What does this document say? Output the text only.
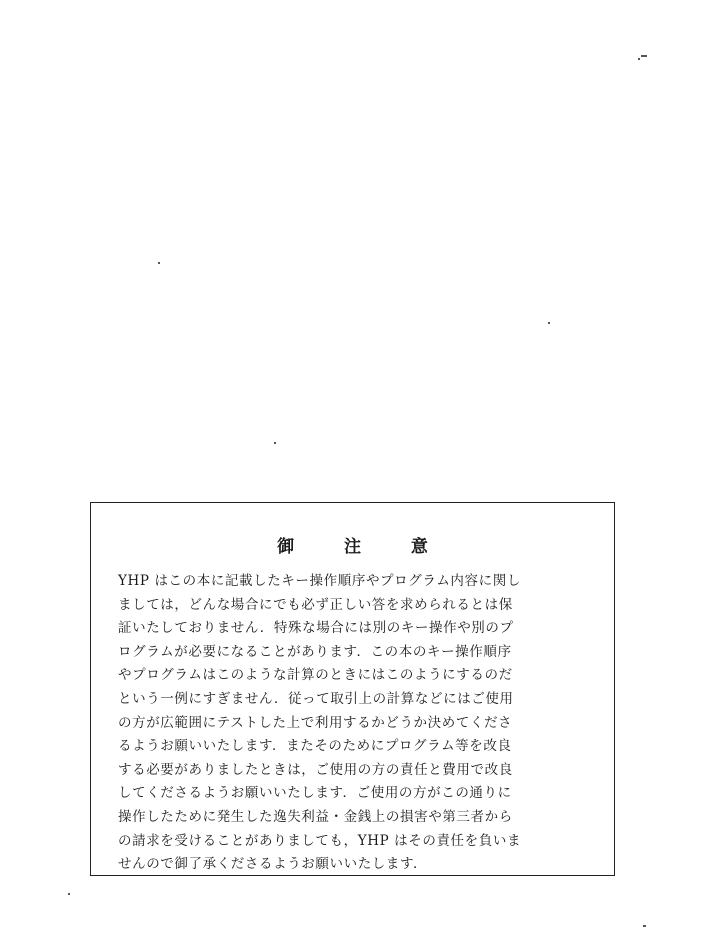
御 注 意
YHP はこの本に記載したキー操作順序やプログラム内容に関し
ましては，どんな場合にでも必ず正しい答を求められるとは保
証いたしておりません．特殊な場合には別のキー操作や別のプ
ログラムが必要になることがあります．この本のキー操作順序
やプログラムはこのような計算のときにはこのようにするのだ
という一例にすぎません．従って取引上の計算などにはご使用
の方が広範囲にテストした上で利用するかどうか決めてくださ
るようお願いいたします．またそのためにプログラム等を改良
する必要がありましたときは，ご使用の方の責任と費用で改良
してくださるようお願いいたします．ご使用の方がこの通りに
操作したために発生した逸失利益・金銭上の損害や第三者から
の請求を受けることがありましても，YHP はその責任を負いま
せんので御了承くださるようお願いいたします．
